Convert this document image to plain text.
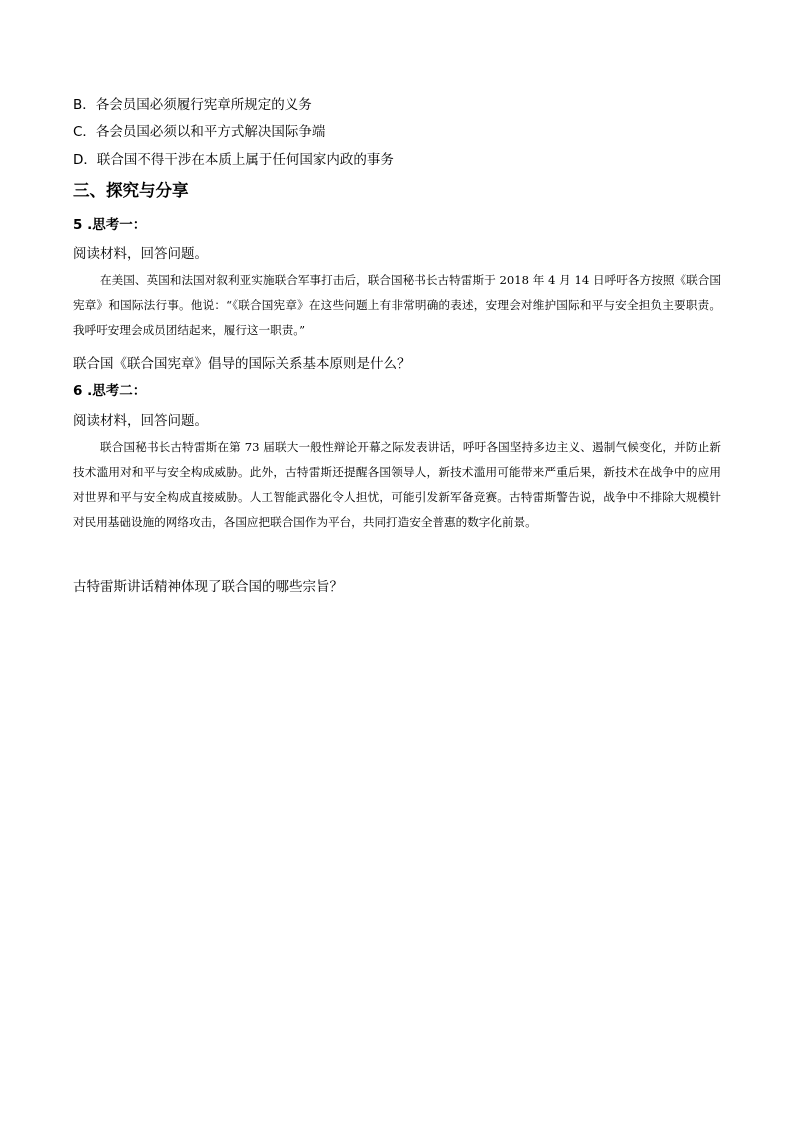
B．各会员国必须履行宪章所规定的义务
C．各会员国必须以和平方式解决国际争端
D．联合国不得干涉在本质上属于任何国家内政的事务
三、探究与分享
5 .思考一：
阅读材料，回答问题。

在美国、英国和法国对叙利亚实施联合军事打击后，联合国秘书长古特雷斯于 2018 年 4 月 14 日呼吁各方按照《联合国宪章》和国际法行事。他说：“《联合国宪章》在这些问题上有非常明确的表述，安理会对维护国际和平与安全担负主要职责。我呼吁安理会成员团结起来，履行这一职责。”

联合国《联合国宪章》倡导的国际关系基本原则是什么？
6 .思考二：
阅读材料，回答问题。

联合国秘书长古特雷斯在第 73 届联大一般性辩论开幕之际发表讲话，呼吁各国坚持多边主义、遏制气候变化，并防止新技术滥用对和平与安全构成威胁。此外，古特雷斯还提醒各国领导人，新技术滥用可能带来严重后果，新技术在战争中的应用对世界和平与安全构成直接威胁。人工智能武器化令人担忧，可能引发新军备竞赛。古特雷斯警告说，战争中不排除大规模针对民用基础设施的网络攻击，各国应把联合国作为平台，共同打造安全普惠的数字化前景。

古特雷斯讲话精神体现了联合国的哪些宗旨？
